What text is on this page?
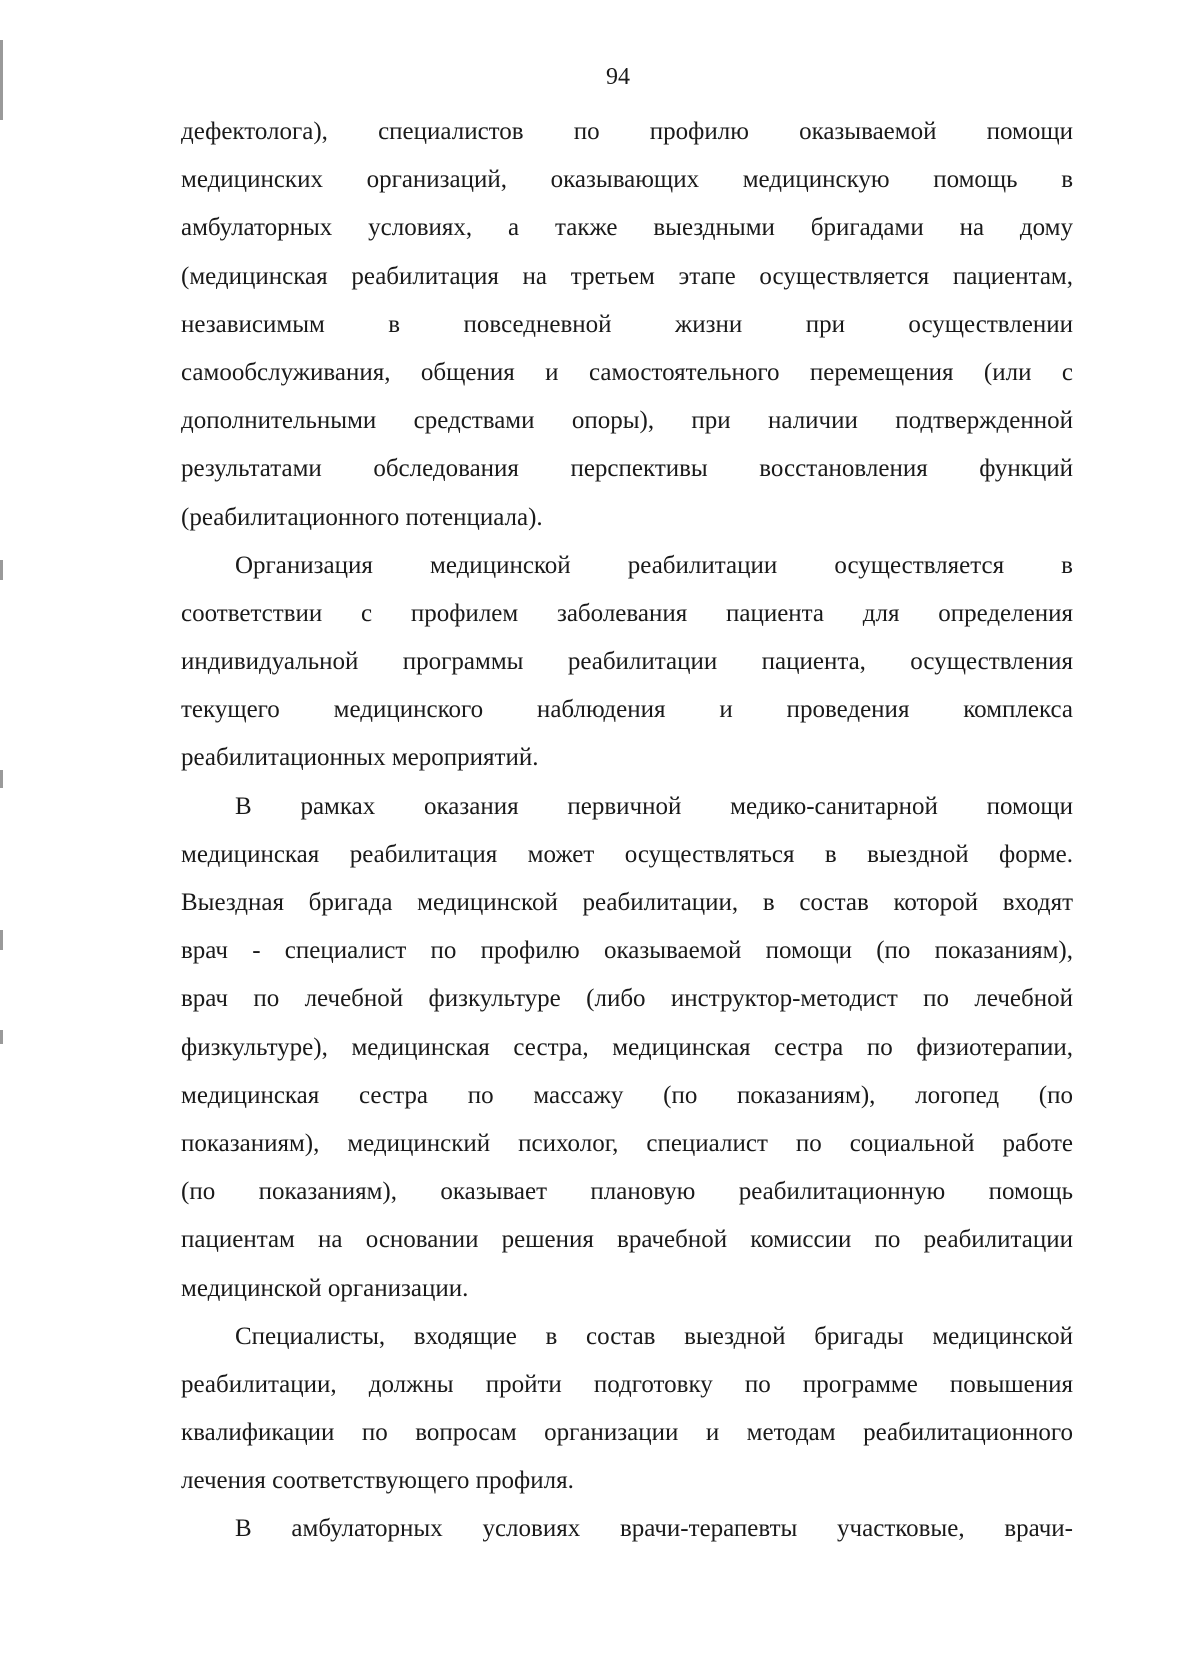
94
дефектолога), специалистов по профилю оказываемой помощи
медицинских организаций, оказывающих медицинскую помощь в
амбулаторных условиях, а также выездными бригадами на дому
(медицинская реабилитация на третьем этапе осуществляется пациентам,
независимым в повседневной жизни при осуществлении
самообслуживания, общения и самостоятельного перемещения (или с
дополнительными средствами опоры), при наличии подтвержденной
результатами обследования перспективы восстановления функций
(реабилитационного потенциала).
Организация медицинской реабилитации осуществляется в
соответствии с профилем заболевания пациента для определения
индивидуальной программы реабилитации пациента, осуществления
текущего медицинского наблюдения и проведения комплекса
реабилитационных мероприятий.
В рамках оказания первичной медико-санитарной помощи
медицинская реабилитация может осуществляться в выездной форме.
Выездная бригада медицинской реабилитации, в состав которой входят
врач - специалист по профилю оказываемой помощи (по показаниям),
врач по лечебной физкультуре (либо инструктор-методист по лечебной
физкультуре), медицинская сестра, медицинская сестра по физиотерапии,
медицинская сестра по массажу (по показаниям), логопед (по
показаниям), медицинский психолог, специалист по социальной работе
(по показаниям), оказывает плановую реабилитационную помощь
пациентам на основании решения врачебной комиссии по реабилитации
медицинской организации.
Специалисты, входящие в состав выездной бригады медицинской
реабилитации, должны пройти подготовку по программе повышения
квалификации по вопросам организации и методам реабилитационного
лечения соответствующего профиля.
В амбулаторных условиях врачи-терапевты участковые, врачи-
